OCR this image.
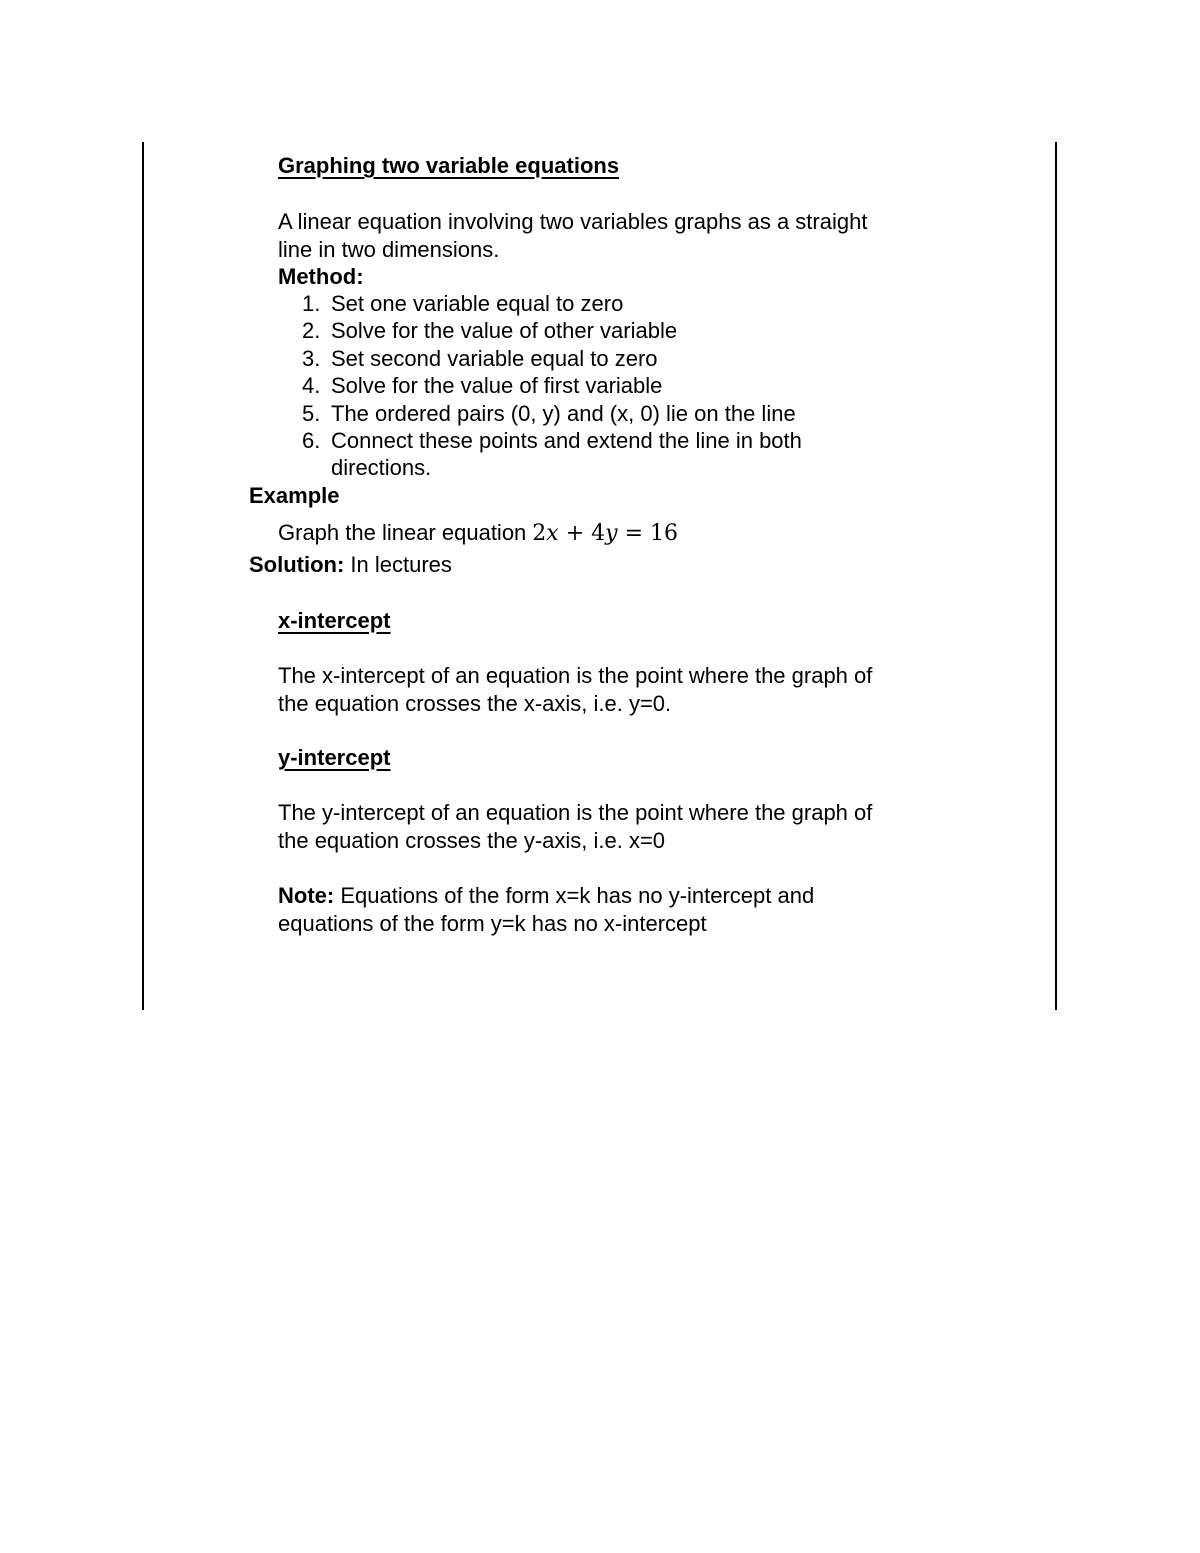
Graphing two variable equations
A linear equation involving two variables graphs as a straight
line in two dimensions.
Method:
1. Set one variable equal to zero
2. Solve for the value of other variable
3. Set second variable equal to zero
4. Solve for the value of first variable
5. The ordered pairs (0, y) and (x, 0) lie on the line
6. Connect these points and extend the line in both
directions.
Example
Graph the linear equation 2x + 4y = 16
Solution: In lectures
x-intercept
The x-intercept of an equation is the point where the graph of
the equation crosses the x-axis, i.e. y=0.
y-intercept
The y-intercept of an equation is the point where the graph of
the equation crosses the y-axis, i.e. x=0
Note: Equations of the form x=k has no y-intercept and
equations of the form y=k has no x-intercept
